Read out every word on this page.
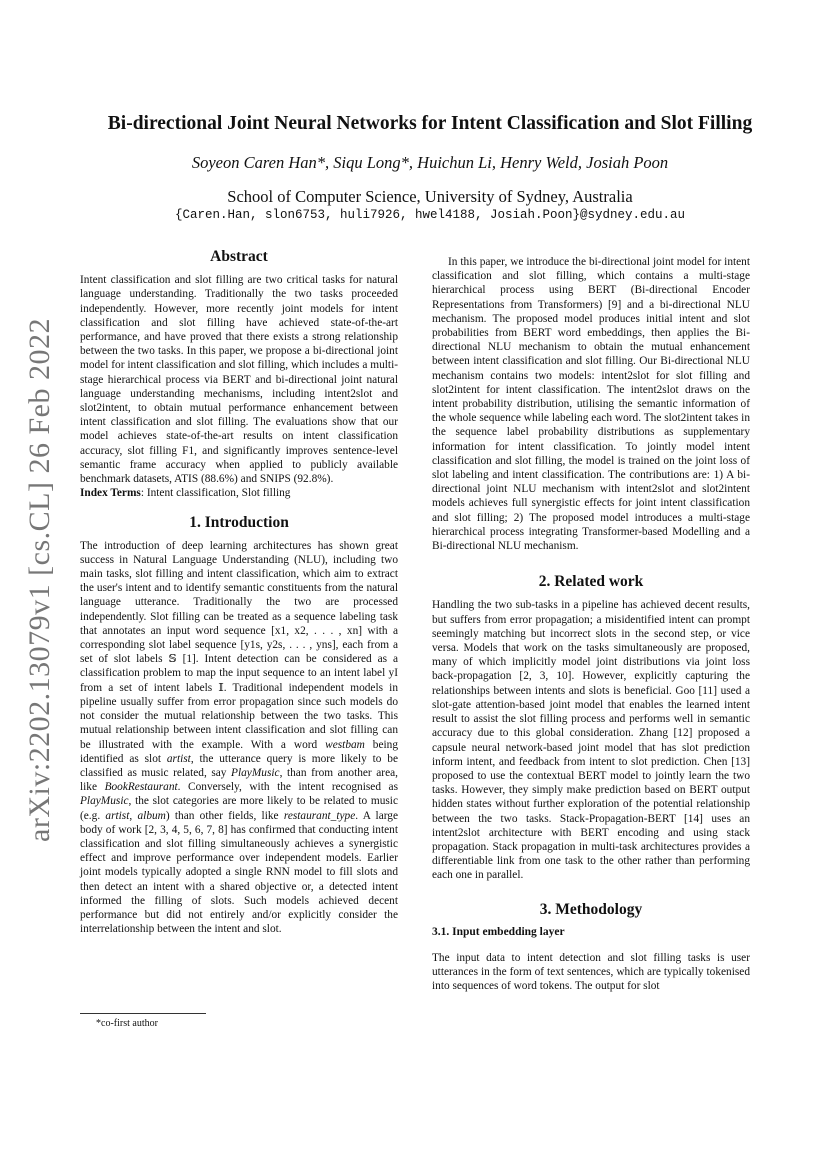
arXiv:2202.13079v1 [cs.CL] 26 Feb 2022
Bi-directional Joint Neural Networks for Intent Classification and Slot Filling
Soyeon Caren Han*, Siqu Long*, Huichun Li, Henry Weld, Josiah Poon
School of Computer Science, University of Sydney, Australia
{Caren.Han, slon6753, huli7926, hwel4188, Josiah.Poon}@sydney.edu.au
Abstract

Intent classification and slot filling are two critical tasks for natural language understanding. Traditionally the two tasks proceeded independently. However, more recently joint models for intent classification and slot filling have achieved state-of-the-art performance, and have proved that there exists a strong relationship between the two tasks. In this paper, we propose a bi-directional joint model for intent classification and slot filling, which includes a multi-stage hierarchical process via BERT and bi-directional joint natural language understanding mechanisms, including intent2slot and slot2intent, to obtain mutual performance enhancement between intent classification and slot filling. The evaluations show that our model achieves state-of-the-art results on intent classification accuracy, slot filling F1, and significantly improves sentence-level semantic frame accuracy when applied to publicly available benchmark datasets, ATIS (88.6%) and SNIPS (92.8%).

Index Terms: Intent classification, Slot filling

1. Introduction

The introduction of deep learning architectures has shown great success in Natural Language Understanding (NLU), including two main tasks, slot filling and intent classification, which aim to extract the user's intent and to identify semantic constituents from the natural language utterance. Traditionally the two are processed independently. Slot filling can be treated as a sequence labeling task that annotates an input word sequence [x1, x2, . . . , xn] with a corresponding slot label sequence [y1s, y2s, . . . , yns], each from a set of slot labels 𝕊 [1]. Intent detection can be considered as a classification problem to map the input sequence to an intent label yI from a set of intent labels 𝕀. Traditional independent models in pipeline usually suffer from error propagation since such models do not consider the mutual relationship between the two tasks. This mutual relationship between intent classification and slot filling can be illustrated with the example. With a word westbam being identified as slot artist, the utterance query is more likely to be classified as music related, say PlayMusic, than from another area, like BookRestaurant. Conversely, with the intent recognised as PlayMusic, the slot categories are more likely to be related to music (e.g. artist, album) than other fields, like restaurant_type. A large body of work [2, 3, 4, 5, 6, 7, 8] has confirmed that conducting intent classification and slot filling simultaneously achieves a synergistic effect and improve performance over independent models. Earlier joint models typically adopted a single RNN model to fill slots and then detect an intent with a shared objective or, a detected intent informed the filling of slots. Such models achieved decent performance but did not entirely and/or explicitly consider the interrelationship between the intent and slot.

*co-first author

In this paper, we introduce the bi-directional joint model for intent classification and slot filling, which contains a multi-stage hierarchical process using BERT (Bi-directional Encoder Representations from Transformers) [9] and a bi-directional NLU mechanism. The proposed model produces initial intent and slot probabilities from BERT word embeddings, then applies the Bi-directional NLU mechanism to obtain the mutual enhancement between intent classification and slot filling. Our Bi-directional NLU mechanism contains two models: intent2slot for slot filling and slot2intent for intent classification. The intent2slot draws on the intent probability distribution, utilising the semantic information of the whole sequence while labeling each word. The slot2intent takes in the sequence label probability distributions as supplementary information for intent classification. To jointly model intent classification and slot filling, the model is trained on the joint loss of slot labeling and intent classification. The contributions are: 1) A bi-directional joint NLU mechanism with intent2slot and slot2intent models achieves full synergistic effects for joint intent classification and slot filling; 2) The proposed model introduces a multi-stage hierarchical process integrating Transformer-based Modelling and a Bi-directional NLU mechanism.

2. Related work

Handling the two sub-tasks in a pipeline has achieved decent results, but suffers from error propagation; a misidentified intent can prompt seemingly matching but incorrect slots in the second step, or vice versa. Models that work on the tasks simultaneously are proposed, many of which implicitly model joint distributions via joint loss back-propagation [2, 3, 10]. However, explicitly capturing the relationships between intents and slots is beneficial. Goo [11] used a slot-gate attention-based joint model that enables the learned intent result to assist the slot filling process and performs well in semantic accuracy due to this global consideration. Zhang [12] proposed a capsule neural network-based joint model that has slot prediction inform intent, and feedback from intent to slot prediction. Chen [13] proposed to use the contextual BERT model to jointly learn the two tasks. However, they simply make prediction based on BERT output hidden states without further exploration of the potential relationship between the two tasks. Stack-Propagation-BERT [14] uses an intent2slot architecture with BERT encoding and using stack propagation. Stack propagation in multi-task architectures provides a differentiable link from one task to the other rather than performing each one in parallel.

3. Methodology
3.1. Input embedding layer

The input data to intent detection and slot filling tasks is user utterances in the form of text sentences, which are typically tokenised into sequences of word tokens. The output for slot
